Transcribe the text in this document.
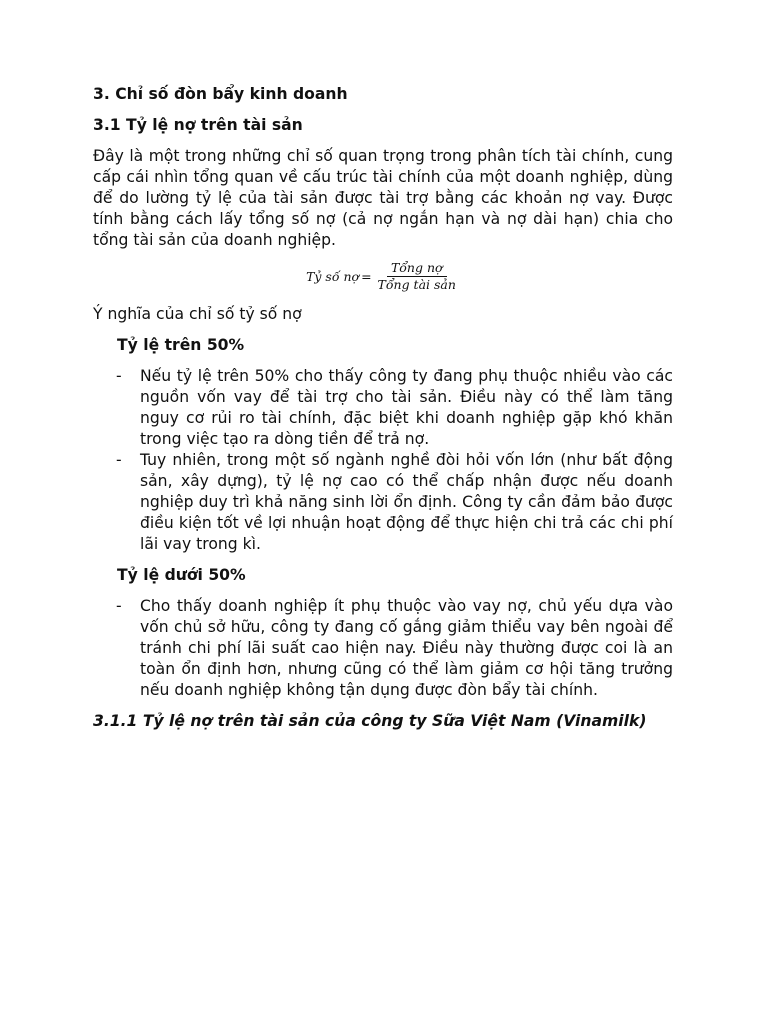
3. Chỉ số đòn bẩy kinh doanh

3.1 Tỷ lệ nợ trên tài sản

Đây là một trong những chỉ số quan trọng trong phân tích tài chính, cung cấp cái nhìn tổng quan về cấu trúc tài chính của một doanh nghiệp, dùng để do lường tỷ lệ của tài sản được tài trợ bằng các khoản nợ vay. Được tính bằng cách lấy tổng số nợ (cả nợ ngắn hạn và nợ dài hạn) chia cho tổng tài sản của doanh nghiệp.

Tỷ số nợ = $\frac{\text{Tổng nợ}}{\text{Tổng tài sản}}$

Ý nghĩa của chỉ số tỷ số nợ

Tỷ lệ trên 50%

- Nếu tỷ lệ trên 50% cho thấy công ty đang phụ thuộc nhiều vào các nguồn vốn vay để tài trợ cho tài sản. Điều này có thể làm tăng nguy cơ rủi ro tài chính, đặc biệt khi doanh nghiệp gặp khó khăn trong việc tạo ra dòng tiền để trả nợ.
- Tuy nhiên, trong một số ngành nghề đòi hỏi vốn lớn (như bất động sản, xây dựng), tỷ lệ nợ cao có thể chấp nhận được nếu doanh nghiệp duy trì khả năng sinh lời ổn định. Công ty cần đảm bảo được điều kiện tốt về lợi nhuận hoạt động để thực hiện chi trả các chi phí lãi vay trong kì.

Tỷ lệ dưới 50%

- Cho thấy doanh nghiệp ít phụ thuộc vào vay nợ, chủ yếu dựa vào vốn chủ sở hữu, công ty đang cố gắng giảm thiểu vay bên ngoài để tránh chi phí lãi suất cao hiện nay. Điều này thường được coi là an toàn ổn định hơn, nhưng cũng có thể làm giảm cơ hội tăng trưởng nếu doanh nghiệp không tận dụng được đòn bẩy tài chính.

3.1.1 Tỷ lệ nợ trên tài sản của công ty Sữa Việt Nam (Vinamilk)
